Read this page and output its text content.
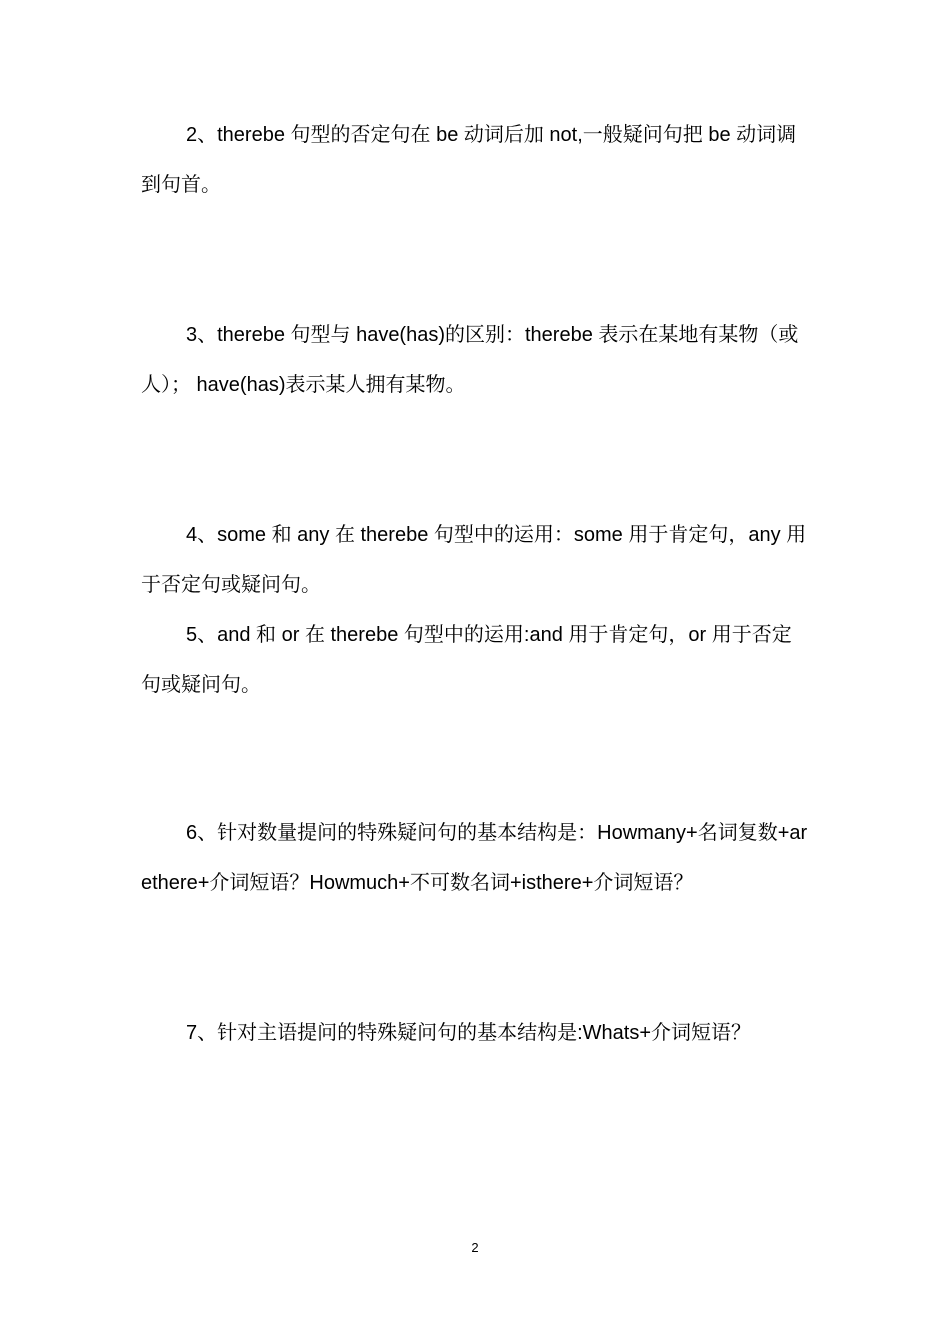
2、therebe 句型的否定句在 be 动词后加 not,一般疑问句把 be 动词调到句首。

3、therebe 句型与 have(has)的区别：therebe 表示在某地有某物（或人）； have(has)表示某人拥有某物。

4、some 和 any 在 therebe 句型中的运用：some 用于肯定句，any 用于否定句或疑问句。

5、and 和 or 在 therebe 句型中的运用:and 用于肯定句，or 用于否定句或疑问句。

6、针对数量提问的特殊疑问句的基本结构是：Howmany+名词复数+arethere+介词短语？Howmuch+不可数名词+isthere+介词短语？

7、针对主语提问的特殊疑问句的基本结构是:Whats+介词短语？

2
